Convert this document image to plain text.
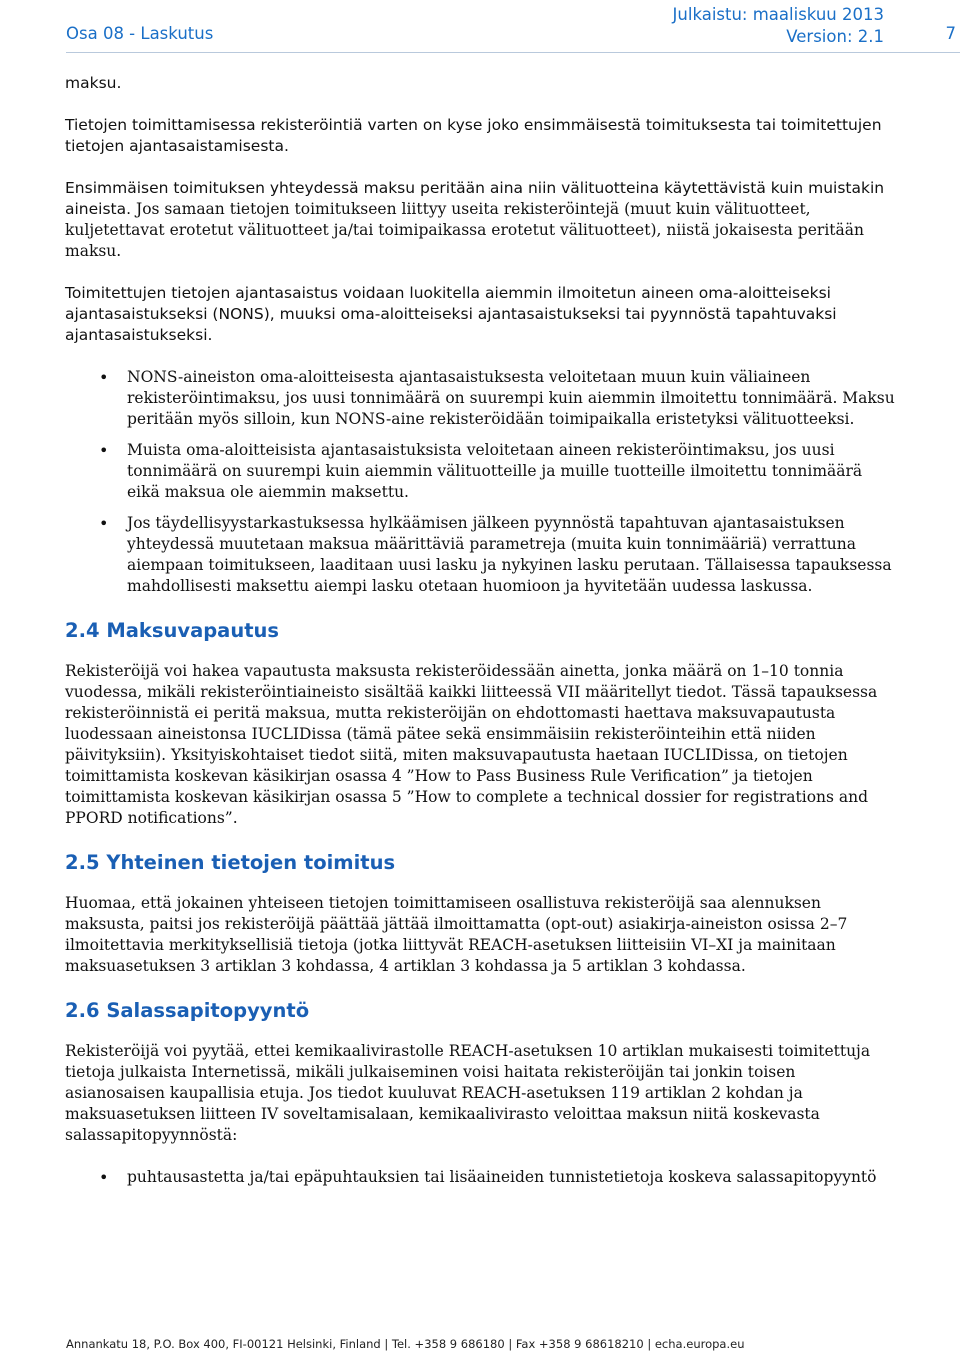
Osa 08 - Laskutus
Julkaistu: maaliskuu 2013
Version: 2.1	7

maksu.

Tietojen toimittamisessa rekisteröintiä varten on kyse joko ensimmäisestä toimituksesta tai toimitettujen tietojen ajantasaistamisesta.

Ensimmäisen toimituksen yhteydessä maksu peritään aina niin välituotteina käytettävistä kuin muistakin aineista. Jos samaan tietojen toimitukseen liittyy useita rekisteröintejä (muut kuin välituotteet, kuljetettavat erotetut välituotteet ja/tai toimipaikassa erotetut välituotteet), niistä jokaisesta peritään maksu.

Toimitettujen tietojen ajantasaistus voidaan luokitella aiemmin ilmoitetun aineen oma-aloitteiseksi ajantasaistukseksi (NONS), muuksi oma-aloitteiseksi ajantasaistukseksi tai pyynnöstä tapahtuvaksi ajantasaistukseksi.

• NONS-aineiston oma-aloitteisesta ajantasaistuksesta veloitetaan muun kuin väliaineen rekisteröintimaksu, jos uusi tonnimäärä on suurempi kuin aiemmin ilmoitettu tonnimäärä. Maksu peritään myös silloin, kun NONS-aine rekisteröidään toimipaikalla eristetyksi välituotteeksi.
• Muista oma-aloitteisista ajantasaistuksista veloitetaan aineen rekisteröintimaksu, jos uusi tonnimäärä on suurempi kuin aiemmin välituotteille ja muille tuotteille ilmoitettu tonnimäärä eikä maksua ole aiemmin maksettu.
• Jos täydellisyystarkastuksessa hylkäämisen jälkeen pyynnöstä tapahtuvan ajantasaistuksen yhteydessä muutetaan maksua määrittäviä parametreja (muita kuin tonnimääriä) verrattuna aiempaan toimitukseen, laaditaan uusi lasku ja nykyinen lasku perutaan. Tällaisessa tapauksessa mahdollisesti maksettu aiempi lasku otetaan huomioon ja hyvitetään uudessa laskussa.
2.4 Maksuvapautus

Rekisteröijä voi hakea vapautusta maksusta rekisteröidessään ainetta, jonka määrä on 1–10 tonnia vuodessa, mikäli rekisteröintiaineisto sisältää kaikki liitteessä VII määritellyt tiedot. Tässä tapauksessa rekisteröinnistä ei peritä maksua, mutta rekisteröijän on ehdottomasti haettava maksuvapautusta luodessaan aineistonsa IUCLIDissa (tämä pätee sekä ensimmäisiin rekisteröinteihin että niiden päivityksiin). Yksityiskohtaiset tiedot siitä, miten maksuvapautusta haetaan IUCLIDissa, on tietojen toimittamista koskevan käsikirjan osassa 4 ”How to Pass Business Rule Verification” ja tietojen toimittamista koskevan käsikirjan osassa 5 ”How to complete a technical dossier for registrations and PPORD notifications”.

2.5 Yhteinen tietojen toimitus

Huomaa, että jokainen yhteiseen tietojen toimittamiseen osallistuva rekisteröijä saa alennuksen maksusta, paitsi jos rekisteröijä päättää jättää ilmoittamatta (opt-out) asiakirja-aineiston osissa 2–7 ilmoitettavia merkityksellisiä tietoja (jotka liittyvät REACH-asetuksen liitteisiin VI–XI ja mainitaan maksuasetuksen 3 artiklan 3 kohdassa, 4 artiklan 3 kohdassa ja 5 artiklan 3 kohdassa.

2.6 Salassapitopyyntö

Rekisteröijä voi pyytää, ettei kemikaalivirastolle REACH-asetuksen 10 artiklan mukaisesti toimitettuja tietoja julkaista Internetissä, mikäli julkaiseminen voisi haitata rekisteröijän tai jonkin toisen asianosaisen kaupallisia etuja. Jos tiedot kuuluvat REACH-asetuksen 119 artiklan 2 kohdan ja maksuasetuksen liitteen IV soveltamisalaan, kemikaalivirasto veloittaa maksun niitä koskevasta salassapitopyynnöstä:

• puhtausastetta ja/tai epäpuhtauksien tai lisäaineiden tunnistetietoja koskeva salassapitopyyntö
Annankatu 18, P.O. Box 400, FI-00121 Helsinki, Finland | Tel. +358 9 686180 | Fax +358 9 68618210 | echa.europa.eu
